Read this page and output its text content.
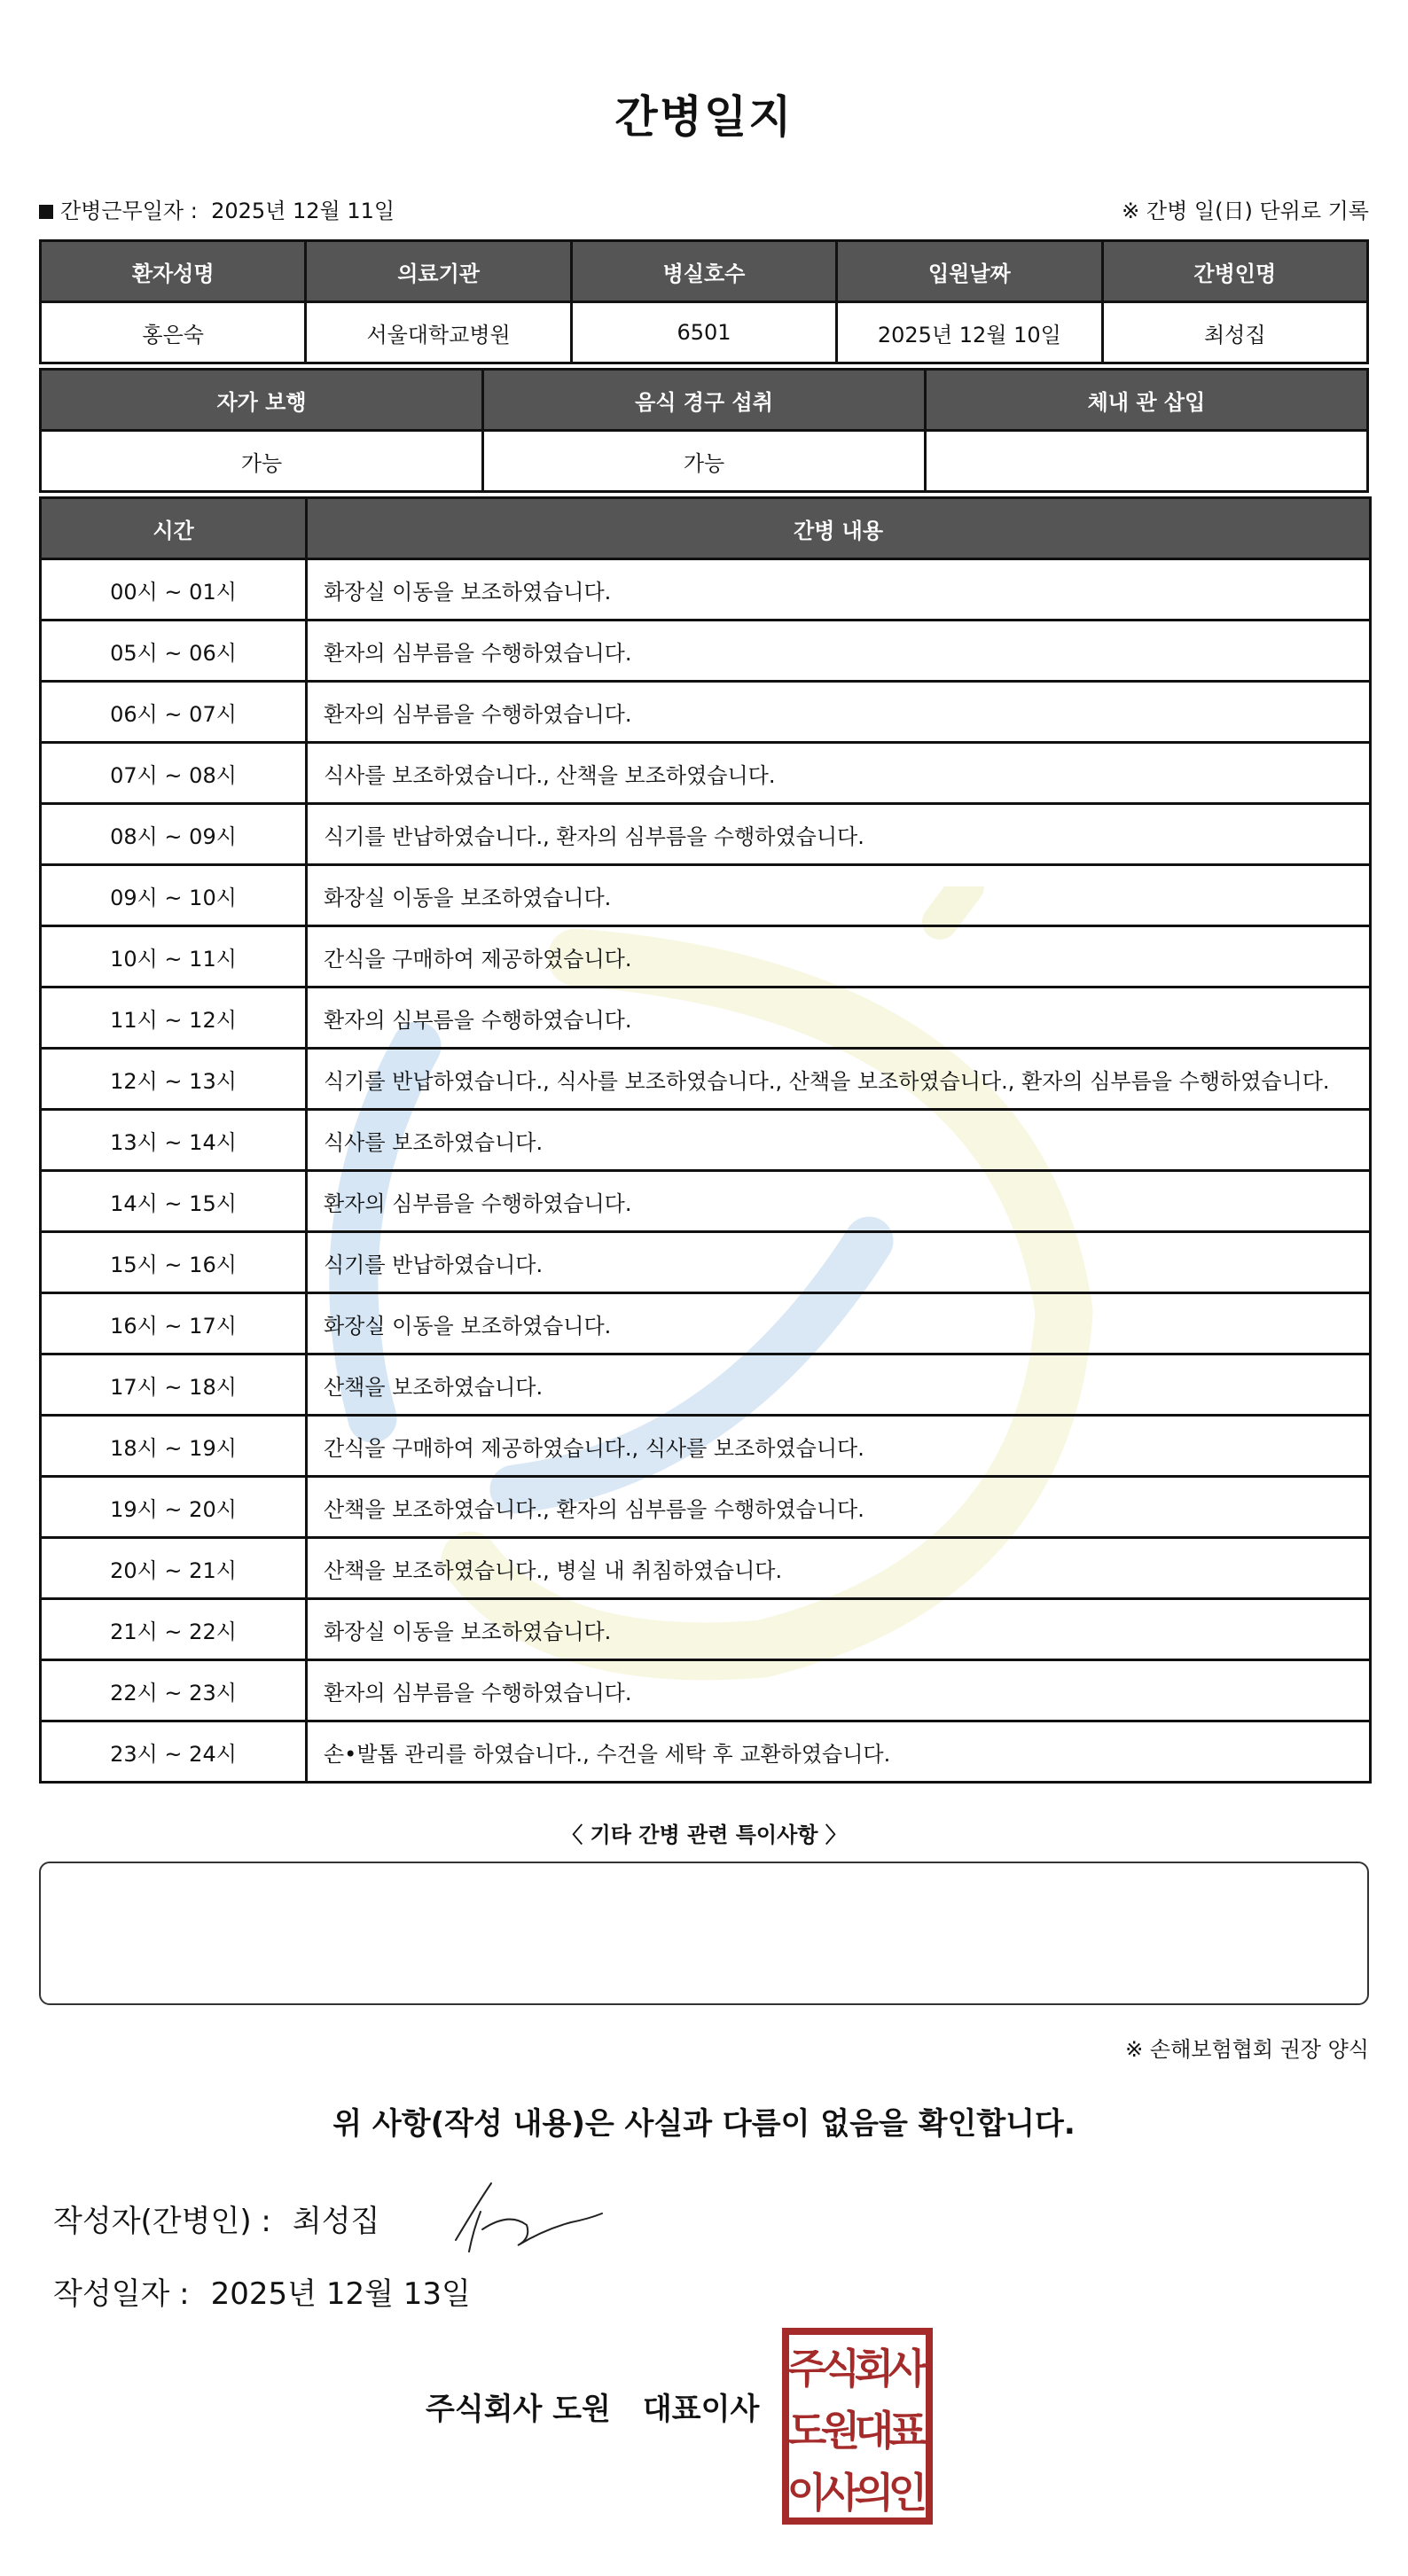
간병일지
간병근무일자 : 2025년 12월 11일	※ 간병 일(日) 단위로 기록
환자성명	의료기관	병실호수	입원날짜	간병인명
홍은숙	서울대학교병원	6501	2025년 12월 10일	최성집
자가 보행	음식 경구 섭취	체내 관 삽입
가능	가능	
시간	간병 내용
00시 ~ 01시	화장실 이동을 보조하였습니다.
05시 ~ 06시	환자의 심부름을 수행하였습니다.
06시 ~ 07시	환자의 심부름을 수행하였습니다.
07시 ~ 08시	식사를 보조하였습니다., 산책을 보조하였습니다.
08시 ~ 09시	식기를 반납하였습니다., 환자의 심부름을 수행하였습니다.
09시 ~ 10시	화장실 이동을 보조하였습니다.
10시 ~ 11시	간식을 구매하여 제공하였습니다.
11시 ~ 12시	환자의 심부름을 수행하였습니다.
12시 ~ 13시	식기를 반납하였습니다., 식사를 보조하였습니다., 산책을 보조하였습니다., 환자의 심부름을 수행하였습니다.
13시 ~ 14시	식사를 보조하였습니다.
14시 ~ 15시	환자의 심부름을 수행하였습니다.
15시 ~ 16시	식기를 반납하였습니다.
16시 ~ 17시	화장실 이동을 보조하였습니다.
17시 ~ 18시	산책을 보조하였습니다.
18시 ~ 19시	간식을 구매하여 제공하였습니다., 식사를 보조하였습니다.
19시 ~ 20시	산책을 보조하였습니다., 환자의 심부름을 수행하였습니다.
20시 ~ 21시	산책을 보조하였습니다., 병실 내 취침하였습니다.
21시 ~ 22시	화장실 이동을 보조하였습니다.
22시 ~ 23시	환자의 심부름을 수행하였습니다.
23시 ~ 24시	손•발톱 관리를 하였습니다., 수건을 세탁 후 교환하였습니다.
〈 기타 간병 관련 특이사항 〉
※ 손해보험협회 권장 양식
위 사항(작성 내용)은 사실과 다름이 없음을 확인합니다.
작성자(간병인) : 최성집
작성일자 : 2025년 12월 13일
주식회사 도원 대표이사
주
식
회
사
도
원
대
표
이
사
의
인
